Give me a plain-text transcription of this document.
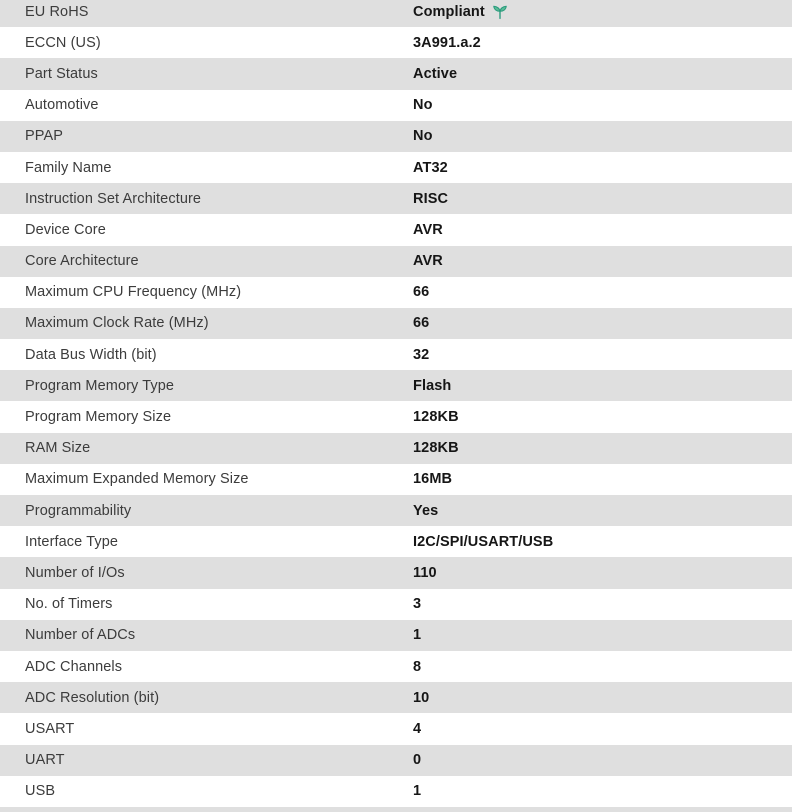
EU RoHS	Compliant
ECCN (US)	3A991.a.2
Part Status	Active
Automotive	No
PPAP	No
Family Name	AT32
Instruction Set Architecture	RISC
Device Core	AVR
Core Architecture	AVR
Maximum CPU Frequency (MHz)	66
Maximum Clock Rate (MHz)	66
Data Bus Width (bit)	32
Program Memory Type	Flash
Program Memory Size	128KB
RAM Size	128KB
Maximum Expanded Memory Size	16MB
Programmability	Yes
Interface Type	I2C/SPI/USART/USB
Number of I/Os	110
No. of Timers	3
Number of ADCs	1
ADC Channels	8
ADC Resolution (bit)	10
USART	4
UART	0
USB	1
